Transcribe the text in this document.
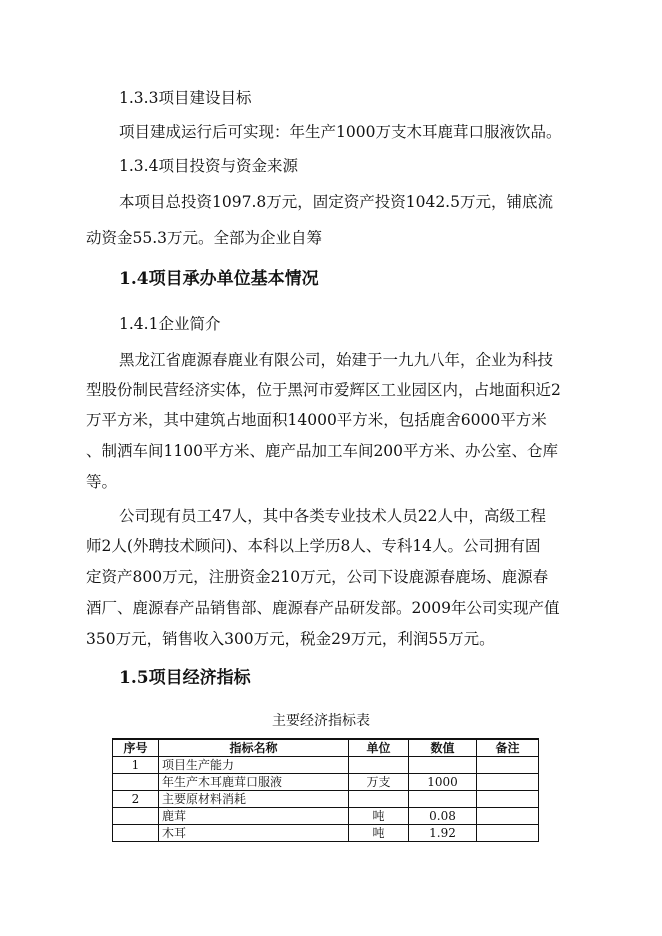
1.3.3项目建设目标
项目建成运行后可实现：年生产1000万支木耳鹿茸口服液饮品。
1.3.4项目投资与资金来源
本项目总投资1097.8万元，固定资产投资1042.5万元，铺底流
动资金55.3万元。全部为企业自筹
1.4项目承办单位基本情况
1.4.1企业简介
黑龙江省鹿源春鹿业有限公司，始建于一九九八年，企业为科技
型股份制民营经济实体，位于黑河市爱辉区工业园区内，占地面积近2
万平方米，其中建筑占地面积14000平方米，包括鹿舍6000平方米
、制洒车间1100平方米、鹿产品加工车间200平方米、办公室、仓库
等。
公司现有员工47人，其中各类专业技术人员22人中，高级工程
师2人(外聘技术顾问)、本科以上学历8人、专科14人。公司拥有固
定资产800万元，注册资金210万元，公司下设鹿源春鹿场、鹿源春
酒厂、鹿源春产品销售部、鹿源春产品研发部。2009年公司实现产值
350万元，销售收入300万元，税金29万元，利润55万元。
1.5项目经济指标
主要经济指标表
序号	指标名称	单位	数值	备注
1	项目生产能力			
	年生产木耳鹿茸口服液	万支	1000	
2	主要原材料消耗			
	鹿茸	吨	0.08	
	木耳	吨	1.92	
